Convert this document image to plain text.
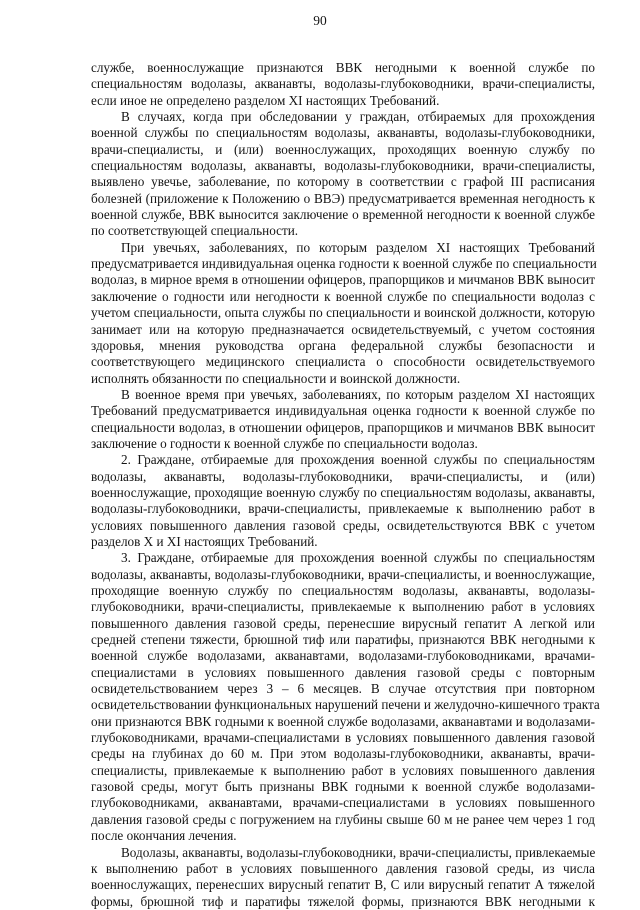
90
службе, военнослужащие признаются ВВК негодными к военной службе по
специальностям водолазы, акванавты, водолазы-глубоководники, врачи-специалисты,
если иное не определено разделом XI настоящих Требований.
В случаях, когда при обследовании у граждан, отбираемых для прохождения
военной службы по специальностям водолазы, акванавты, водолазы-глубоководники,
врачи-специалисты, и (или) военнослужащих, проходящих военную службу по
специальностям водолазы, акванавты, водолазы-глубоководники, врачи-специалисты,
выявлено увечье, заболевание, по которому в соответствии с графой III расписания
болезней (приложение к Положению о ВВЭ) предусматривается временная негодность к
военной службе, ВВК выносится заключение о временной негодности к военной службе
по соответствующей специальности.
При увечьях, заболеваниях, по которым разделом XI настоящих Требований
предусматривается индивидуальная оценка годности к военной службе по специальности
водолаз, в мирное время в отношении офицеров, прапорщиков и мичманов ВВК выносит
заключение о годности или негодности к военной службе по специальности водолаз с
учетом специальности, опыта службы по специальности и воинской должности, которую
занимает или на которую предназначается освидетельствуемый, с учетом состояния
здоровья, мнения руководства органа федеральной службы безопасности и
соответствующего медицинского специалиста о способности освидетельствуемого
исполнять обязанности по специальности и воинской должности.
В военное время при увечьях, заболеваниях, по которым разделом XI настоящих
Требований предусматривается индивидуальная оценка годности к военной службе по
специальности водолаз, в отношении офицеров, прапорщиков и мичманов ВВК выносит
заключение о годности к военной службе по специальности водолаз.
2. Граждане, отбираемые для прохождения военной службы по специальностям
водолазы, акванавты, водолазы-глубоководники, врачи-специалисты, и (или)
военнослужащие, проходящие военную службу по специальностям водолазы, акванавты,
водолазы-глубоководники, врачи-специалисты, привлекаемые к выполнению работ в
условиях повышенного давления газовой среды, освидетельствуются ВВК с учетом
разделов X и XI настоящих Требований.
3. Граждане, отбираемые для прохождения военной службы по специальностям
водолазы, акванавты, водолазы-глубоководники, врачи-специалисты, и военнослужащие,
проходящие военную службу по специальностям водолазы, акванавты, водолазы-
глубоководники, врачи-специалисты, привлекаемые к выполнению работ в условиях
повышенного давления газовой среды, перенесшие вирусный гепатит А легкой или
средней степени тяжести, брюшной тиф или паратифы, признаются ВВК негодными к
военной службе водолазами, акванавтами, водолазами-глубоководниками, врачами-
специалистами в условиях повышенного давления газовой среды с повторным
освидетельствованием через 3 – 6 месяцев. В случае отсутствия при повторном
освидетельствовании функциональных нарушений печени и желудочно-кишечного тракта
они признаются ВВК годными к военной службе водолазами, акванавтами и водолазами-
глубоководниками, врачами-специалистами в условиях повышенного давления газовой
среды на глубинах до 60 м. При этом водолазы-глубоководники, акванавты, врачи-
специалисты, привлекаемые к выполнению работ в условиях повышенного давления
газовой среды, могут быть признаны ВВК годными к военной службе водолазами-
глубоководниками, акванавтами, врачами-специалистами в условиях повышенного
давления газовой среды с погружением на глубины свыше 60 м не ранее чем через 1 год
после окончания лечения.
Водолазы, акванавты, водолазы-глубоководники, врачи-специалисты, привлекаемые
к выполнению работ в условиях повышенного давления газовой среды, из числа
военнослужащих, перенесших вирусный гепатит В, С или вирусный гепатит А тяжелой
формы, брюшной тиф и паратифы тяжелой формы, признаются ВВК негодными к
